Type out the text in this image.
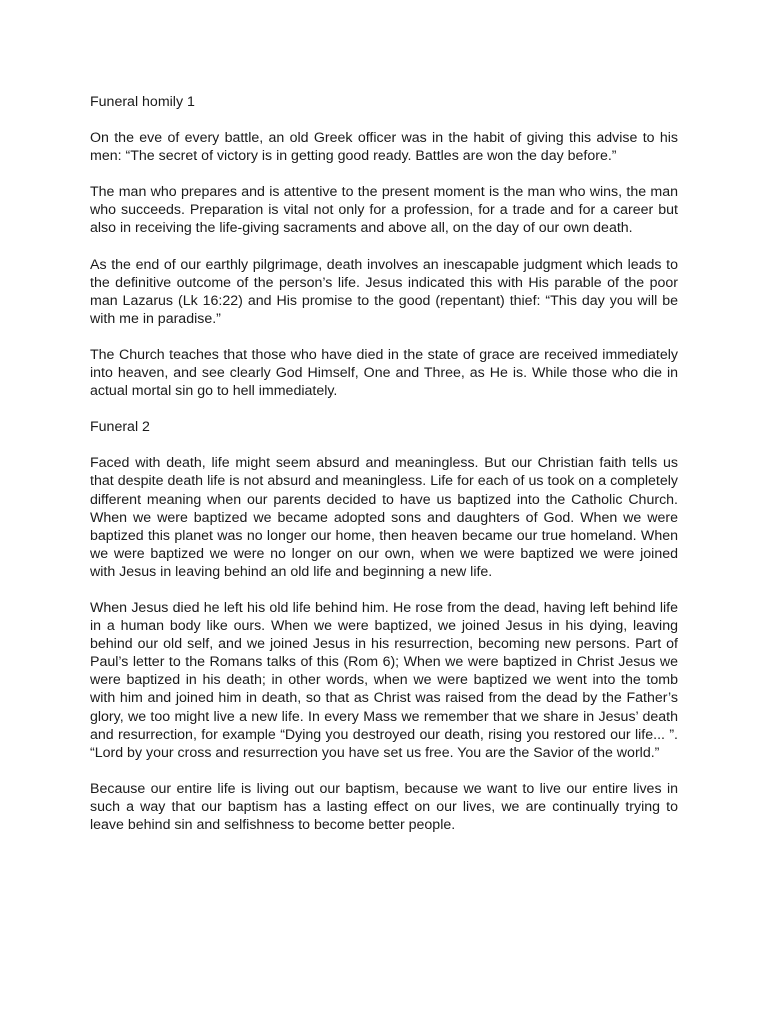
Funeral homily 1

On the eve of every battle, an old Greek officer was in the habit of giving this advise to his men: “The secret of victory is in getting good ready. Battles are won the day before.”

The man who prepares and is attentive to the present moment is the man who wins, the man who succeeds. Preparation is vital not only for a profession, for a trade and for a career but also in receiving the life-giving sacraments and above all, on the day of our own death.

As the end of our earthly pilgrimage, death involves an inescapable judgment which leads to the definitive outcome of the person’s life. Jesus indicated this with His parable of the poor man Lazarus (Lk 16:22) and His promise to the good (repentant) thief: “This day you will be with me in paradise.”

The Church teaches that those who have died in the state of grace are received immediately into heaven, and see clearly God Himself, One and Three, as He is. While those who die in actual mortal sin go to hell immediately.

Funeral 2

Faced with death, life might seem absurd and meaningless. But our Christian faith tells us that despite death life is not absurd and meaningless. Life for each of us took on a completely different meaning when our parents decided to have us baptized into the Catholic Church. When we were baptized we became adopted sons and daughters of God. When we were baptized this planet was no longer our home, then heaven became our true homeland. When we were baptized we were no longer on our own, when we were baptized we were joined with Jesus in leaving behind an old life and beginning a new life.

When Jesus died he left his old life behind him. He rose from the dead, having left behind life in a human body like ours. When we were baptized, we joined Jesus in his dying, leaving behind our old self, and we joined Jesus in his resurrection, becoming new persons. Part of Paul’s letter to the Romans talks of this (Rom 6); When we were baptized in Christ Jesus we were baptized in his death; in other words, when we were baptized we went into the tomb with him and joined him in death, so that as Christ was raised from the dead by the Father’s glory, we too might live a new life. In every Mass we remember that we share in Jesus’ death and resurrection, for example “Dying you destroyed our death, rising you restored our life... ”. “Lord by your cross and resurrection you have set us free. You are the Savior of the world.”

Because our entire life is living out our baptism, because we want to live our entire lives in such a way that our baptism has a lasting effect on our lives, we are continually trying to leave behind sin and selfishness to become better people.
